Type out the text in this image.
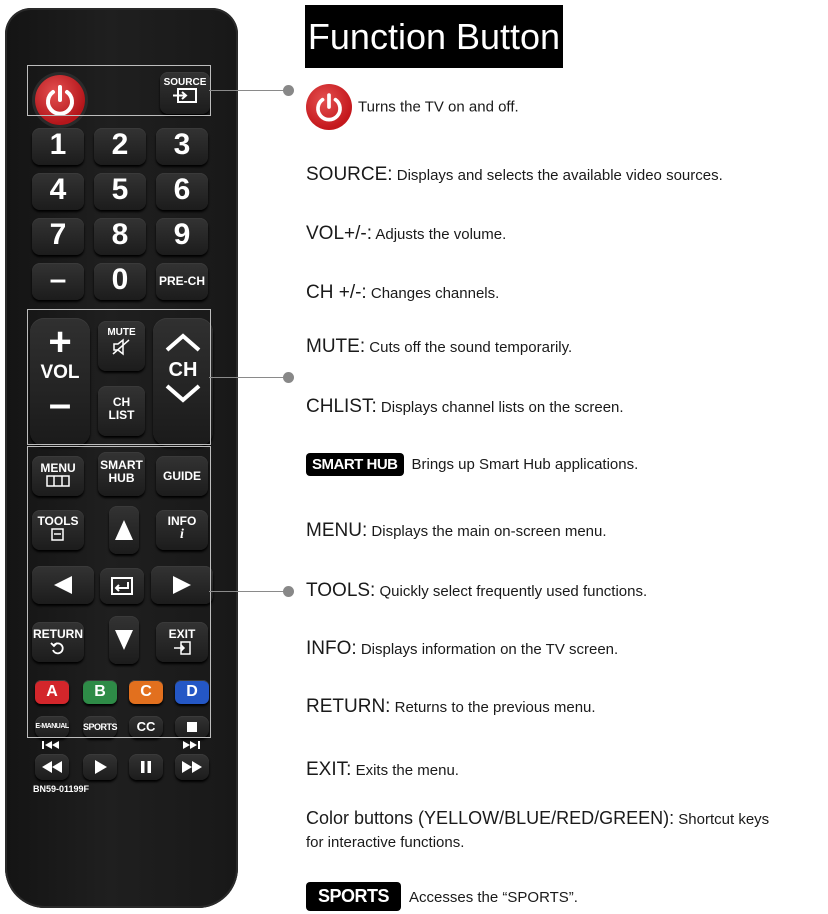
SOURCE
1	2	3
4	5	6
7	8	9
–	0	PRE-CH
+
VOL
–
MUTE
CH
LIST
CH
MENU	SMART
HUB	GUIDE
TOOLS	INFO
i
RETURN	EXIT
A	B	C	D
E-MANUAL SPORTS	CC
BN59-01199F
Function Button
Turns the TV on and off.
SOURCE: Displays and selects the available video sources.
VOL+/-: Adjusts the volume.
CH +/-: Changes channels.
MUTE: Cuts off the sound temporarily.
CHLIST: Displays channel lists on the screen.
SMART HUB Brings up Smart Hub applications.
MENU: Displays the main on-screen menu.
TOOLS: Quickly select frequently used functions.
INFO: Displays information on the TV screen.
RETURN: Returns to the previous menu.
EXIT: Exits the menu.
Color buttons (YELLOW/BLUE/RED/GREEN): Shortcut keys
for interactive functions.
SPORTS Accesses the “SPORTS”.
